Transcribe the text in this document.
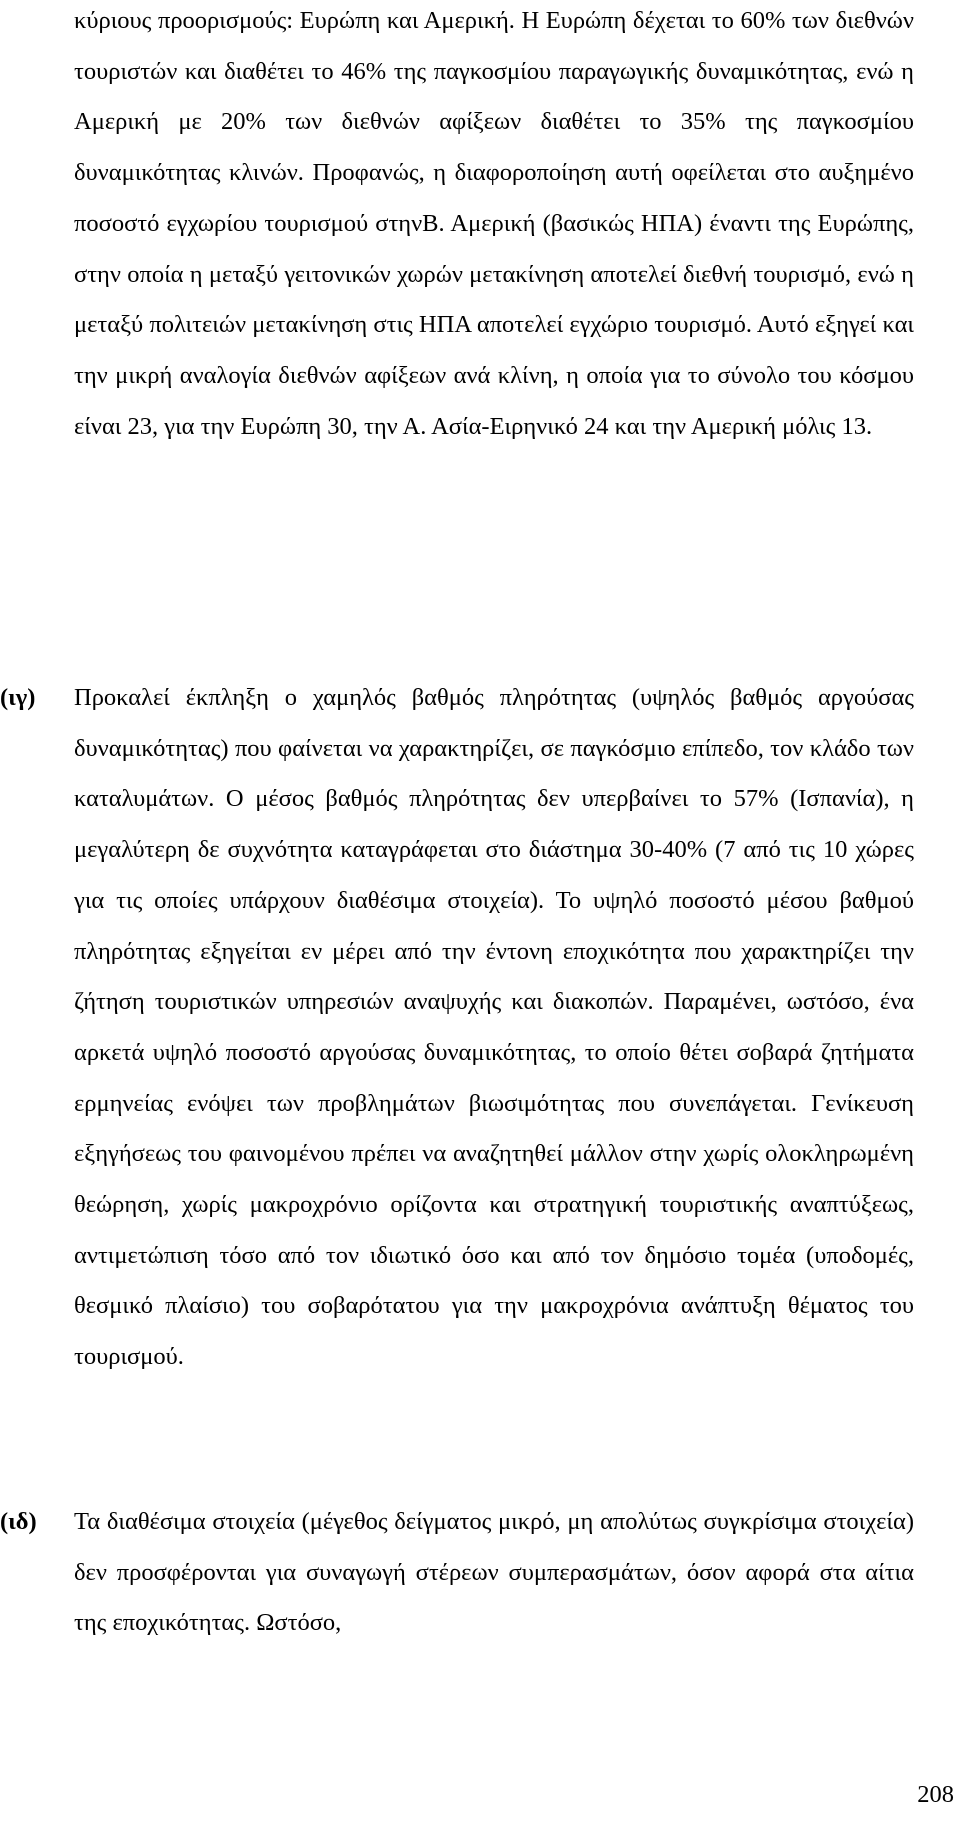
κύριους προορισμούς: Ευρώπη και Αμερική. Η Ευρώπη δέχεται το 60% των διεθνών τουριστών και διαθέτει το 46% της παγκοσμίου παραγωγικής δυναμικότητας, ενώ η Αμερική με 20% των διεθνών αφίξεων διαθέτει το 35% της παγκοσμίου δυναμικότητας κλινών. Προφανώς, η διαφοροποίηση αυτή οφείλεται στο αυξημένο ποσοστό εγχωρίου τουρισμού στηνΒ. Αμερική (βασικώς ΗΠΑ) έναντι της Ευρώπης, στην οποία η μεταξύ γειτονικών χωρών μετακίνηση αποτελεί διεθνή τουρισμό, ενώ η μεταξύ πολιτειών μετακίνηση στις ΗΠΑ αποτελεί εγχώριο τουρισμό. Αυτό εξηγεί και την μικρή αναλογία διεθνών αφίξεων ανά κλίνη, η οποία για το σύνολο του κόσμου είναι 23, για την Ευρώπη 30, την Α. Ασία-Ειρηνικό 24 και την Αμερική μόλις 13.

(ιγ)	Προκαλεί έκπληξη ο χαμηλός βαθμός πληρότητας (υψηλός βαθμός αργούσας δυναμικότητας) που φαίνεται να χαρακτηρίζει, σε παγκόσμιο επίπεδο, τον κλάδο των καταλυμάτων. Ο μέσος βαθμός πληρότητας δεν υπερβαίνει το 57% (Ισπανία), η μεγαλύτερη δε συχνότητα καταγράφεται στο διάστημα 30-40% (7 από τις 10 χώρες για τις οποίες υπάρχουν διαθέσιμα στοιχεία). Το υψηλό ποσοστό μέσου βαθμού πληρότητας εξηγείται εν μέρει από την έντονη εποχικότητα που χαρακτηρίζει την ζήτηση τουριστικών υπηρεσιών αναψυχής και διακοπών. Παραμένει, ωστόσο, ένα αρκετά υψηλό ποσοστό αργούσας δυναμικότητας, το οποίο θέτει σοβαρά ζητήματα ερμηνείας ενόψει των προβλημάτων βιωσιμότητας που συνεπάγεται. Γενίκευση εξηγήσεως του φαινομένου πρέπει να αναζητηθεί μάλλον στην χωρίς ολοκληρωμένη θεώρηση, χωρίς μακροχρόνιο ορίζοντα και στρατηγική τουριστικής αναπτύξεως, αντιμετώπιση τόσο από τον ιδιωτικό όσο και από τον δημόσιο τομέα (υποδομές, θεσμικό πλαίσιο) του σοβαρότατου για την μακροχρόνια ανάπτυξη θέματος του τουρισμού.

(ιδ)	Τα διαθέσιμα στοιχεία (μέγεθος δείγματος μικρό, μη απολύτως συγκρίσιμα στοιχεία) δεν προσφέρονται για συναγωγή στέρεων συμπερασμάτων, όσον αφορά στα αίτια της εποχικότητας. Ωστόσο,

208
